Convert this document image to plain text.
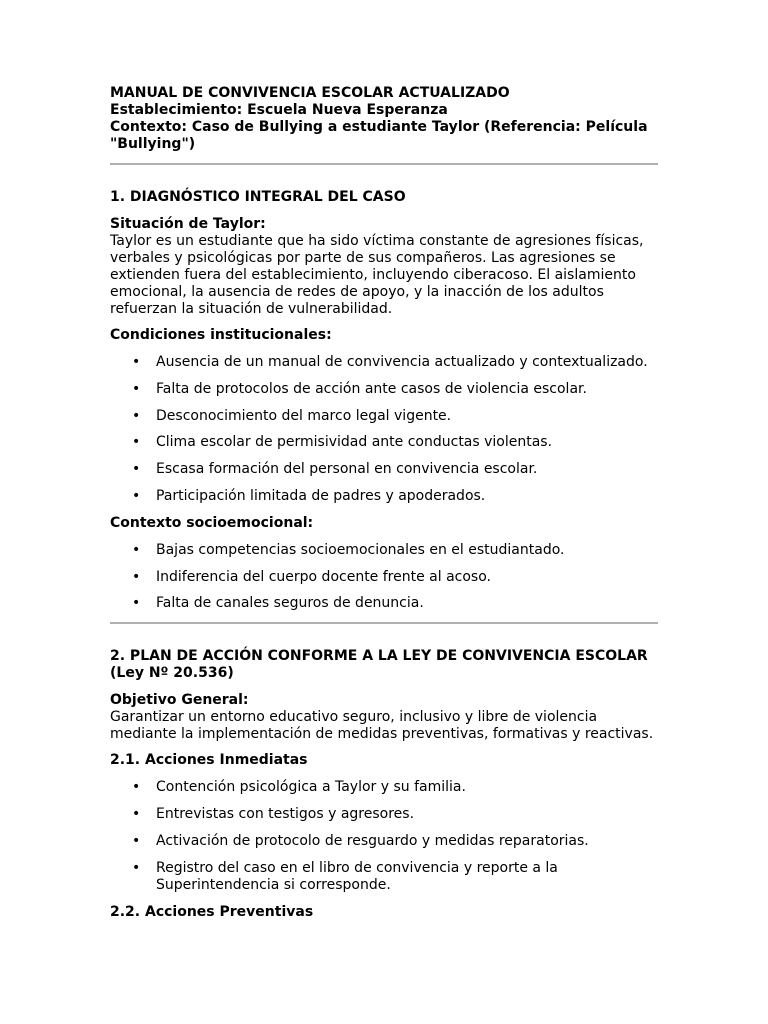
MANUAL DE CONVIVENCIA ESCOLAR ACTUALIZADO

Establecimiento: Escuela Nueva Esperanza

Contexto: Caso de Bullying a estudiante Taylor (Referencia: Película "Bullying")

1. DIAGNÓSTICO INTEGRAL DEL CASO
Situación de Taylor:
Taylor es un estudiante que ha sido víctima constante de agresiones físicas, verbales y psicológicas por parte de sus compañeros. Las agresiones se extienden fuera del establecimiento, incluyendo ciberacoso. El aislamiento emocional, la ausencia de redes de apoyo, y la inacción de los adultos refuerzan la situación de vulnerabilidad.
Condiciones institucionales:
• Ausencia de un manual de convivencia actualizado y contextualizado.
• Falta de protocolos de acción ante casos de violencia escolar.
• Desconocimiento del marco legal vigente.
• Clima escolar de permisividad ante conductas violentas.
• Escasa formación del personal en convivencia escolar.
• Participación limitada de padres y apoderados.
Contexto socioemocional:
• Bajas competencias socioemocionales en el estudiantado.
• Indiferencia del cuerpo docente frente al acoso.
• Falta de canales seguros de denuncia.
2. PLAN DE ACCIÓN CONFORME A LA LEY DE CONVIVENCIA ESCOLAR (Ley Nº 20.536)
Objetivo General:
Garantizar un entorno educativo seguro, inclusivo y libre de violencia mediante la implementación de medidas preventivas, formativas y reactivas.
2.1. Acciones Inmediatas
• Contención psicológica a Taylor y su familia.
• Entrevistas con testigos y agresores.
• Activación de protocolo de resguardo y medidas reparatorias.
• Registro del caso en el libro de convivencia y reporte a la Superintendencia si corresponde.
2.2. Acciones Preventivas
